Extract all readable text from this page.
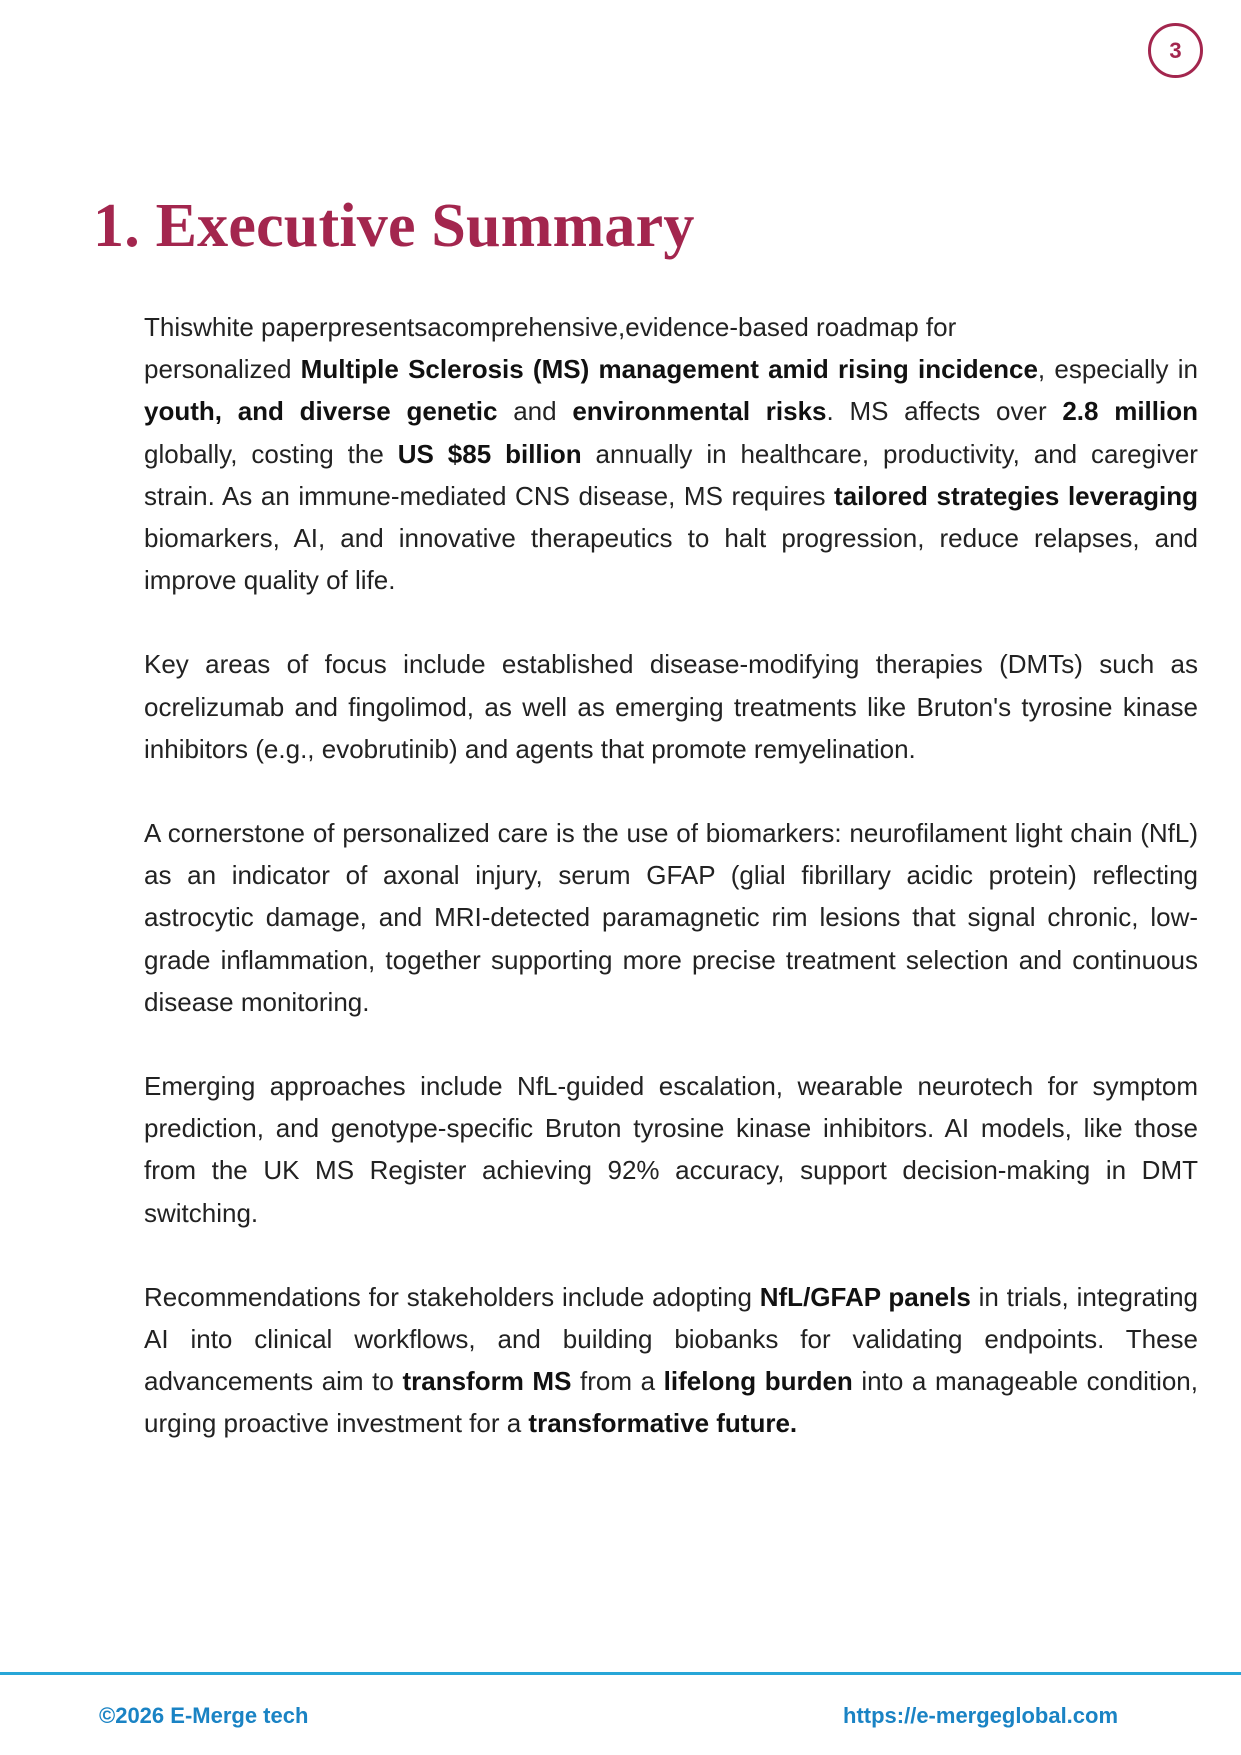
3
1. Executive Summary

Thiswhite paperpresentsacomprehensive,evidence-based roadmap for
personalized Multiple Sclerosis (MS) management amid rising incidence, especially in youth, and diverse genetic and environmental risks. MS affects over 2.8 million globally, costing the US $85 billion annually in healthcare, productivity, and caregiver strain. As an immune-mediated CNS disease, MS requires tailored strategies leveraging biomarkers, AI, and innovative therapeutics to halt progression, reduce relapses, and improve quality of life.

Key areas of focus include established disease-modifying therapies (DMTs) such as ocrelizumab and fingolimod, as well as emerging treatments like Bruton's tyrosine kinase inhibitors (e.g., evobrutinib) and agents that promote remyelination.

A cornerstone of personalized care is the use of biomarkers: neurofilament light chain (NfL) as an indicator of axonal injury, serum GFAP (glial fibrillary acidic protein) reflecting astrocytic damage, and MRI-detected paramagnetic rim lesions that signal chronic, low-grade inflammation, together supporting more precise treatment selection and continuous disease monitoring.

Emerging approaches include NfL-guided escalation, wearable neurotech for symptom prediction, and genotype-specific Bruton tyrosine kinase inhibitors. AI models, like those from the UK MS Register achieving 92% accuracy, support decision-making in DMT switching.

Recommendations for stakeholders include adopting NfL/GFAP panels in trials, integrating AI into clinical workflows, and building biobanks for validating endpoints. These advancements aim to transform MS from a lifelong burden into a manageable condition, urging proactive investment for a transformative future.

©2026 E-Merge tech	https://e-mergeglobal.com
